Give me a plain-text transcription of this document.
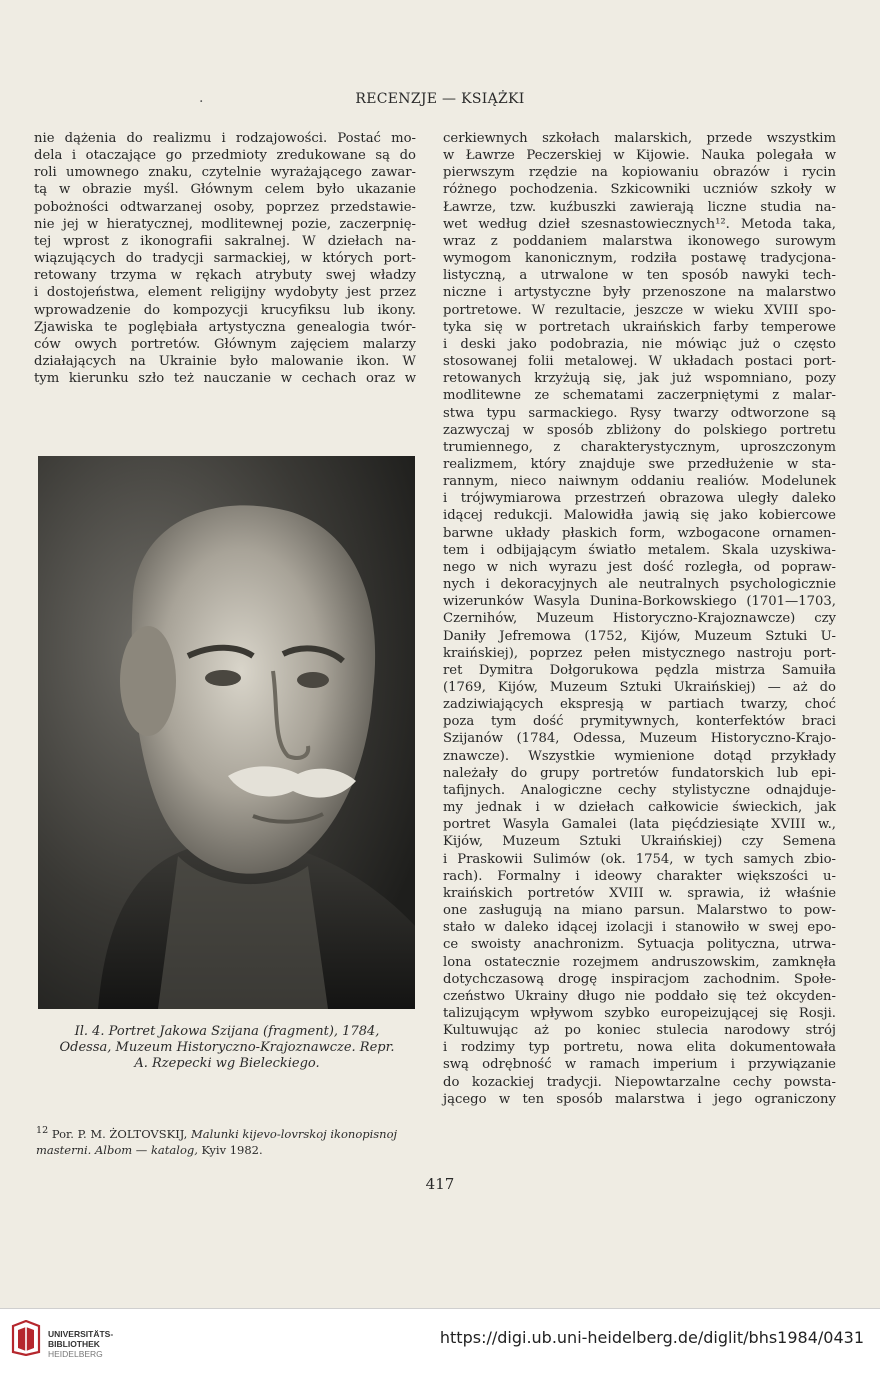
.	RECENZJE — KSIĄŻKI

nie dążenia do realizmu i rodzajowości. Postać mo-

dela i otaczające go przedmioty zredukowane są do

roli umownego znaku, czytelnie wyrażającego zawar-

tą w obrazie myśl. Głównym celem było ukazanie

pobożności odtwarzanej osoby, poprzez przedstawie-

nie jej w hieratycznej, modlitewnej pozie, zaczerpnię-

tej wprost z ikonografii sakralnej. W dziełach na-

wiązujących do tradycji sarmackiej, w których port-

retowany trzyma w rękach atrybuty swej władzy

i dostojeństwa, element religijny wydobyty jest przez

wprowadzenie do kompozycji krucyfiksu lub ikony.

Zjawiska te poglębiała artystyczna genealogia twór-

ców owych portretów. Głównym zajęciem malarzy

działających na Ukrainie było malowanie ikon. W

tym kierunku szło też nauczanie w cechach oraz w

Il. 4. Portret Jakowa Szijana (fragment), 1784,
Odessa, Muzeum Historyczno-Krajoznawcze. Repr.
A. Rzepecki wg Bieleckiego.
$^{12}$ Por. P. M. ŻOLTOVSKIJ, Malunki kijevo-lovrskoj ikonopisnoj masterni. Albom — katalog, Kyiv 1982.
417

cerkiewnych szkołach malarskich, przede wszystkim

w Ławrze Peczerskiej w Kijowie. Nauka polegała w

pierwszym rzędzie na kopiowaniu obrazów i rycin

różnego pochodzenia. Szkicowniki uczniów szkoły w

Ławrze, tzw. kuźbuszki zawierają liczne studia na-

wet według dzieł szesnastowiecznych¹². Metoda taka,

wraz z poddaniem malarstwa ikonowego surowym

wymogom kanonicznym, rodziła postawę tradycjona-

listyczną, a utrwalone w ten sposób nawyki tech-

niczne i artystyczne były przenoszone na malarstwo

portretowe. W rezultacie, jeszcze w wieku XVIII spo-

tyka się w portretach ukraińskich farby temperowe

i deski jako podobrazia, nie mówiąc już o często

stosowanej folii metalowej. W układach postaci port-

retowanych krzyżują się, jak już wspomniano, pozy

modlitewne ze schematami zaczerpniętymi z malar-

stwa typu sarmackiego. Rysy twarzy odtworzone są

zazwyczaj w sposób zbliżony do polskiego portretu

trumiennego, z charakterystycznym, uproszczonym

realizmem, który znajduje swe przedłużenie w sta-

rannym, nieco naiwnym oddaniu realiów. Modelunek

i trójwymiarowa przestrzeń obrazowa uległy daleko

idącej redukcji. Malowidła jawią się jako kobiercowe

barwne układy płaskich form, wzbogacone ornamen-

tem i odbijającym światło metalem. Skala uzyskiwa-

nego w nich wyrazu jest dość rozległa, od popraw-

nych i dekoracyjnych ale neutralnych psychologicznie

wizerunków Wasyla Dunina-Borkowskiego (1701—1703,

Czernihów, Muzeum Historyczno-Krajoznawcze) czy

Daniły Jefremowa (1752, Kijów, Muzeum Sztuki U-

kraińskiej), poprzez pełen mistycznego nastroju port-

ret Dymitra Dołgorukowa pędzla mistrza Samuiła

(1769, Kijów, Muzeum Sztuki Ukraińskiej) — aż do

zadziwiających ekspresją w partiach twarzy, choć

poza tym dość prymitywnych, konterfektów braci

Szijanów (1784, Odessa, Muzeum Historyczno-Krajo-

znawcze). Wszystkie wymienione dotąd przykłady

należały do grupy portretów fundatorskich lub epi-

tafijnych. Analogiczne cechy stylistyczne odnajduje-

my jednak i w dziełach całkowicie świeckich, jak

portret Wasyla Gamalei (lata pięćdziesiąte XVIII w.,

Kijów, Muzeum Sztuki Ukraińskiej) czy Semena

i Praskowii Sulimów (ok. 1754, w tych samych zbio-

rach). Formalny i ideowy charakter większości u-

kraińskich portretów XVIII w. sprawia, iż właśnie

one zasługują na miano parsun. Malarstwo to pow-

stało w daleko idącej izolacji i stanowiło w swej epo-

ce swoisty anachronizm. Sytuacja polityczna, utrwa-

lona ostatecznie rozejmem andruszowskim, zamknęła

dotychczasową drogę inspiracjom zachodnim. Społe-

czeństwo Ukrainy długo nie poddało się też okcyden-

talizującym wpływom szybko europeizującej się Rosji.

Kultuwując aż po koniec stulecia narodowy strój

i rodzimy typ portretu, nowa elita dokumentowała

swą odrębność w ramach imperium i przywiązanie

do kozackiej tradycji. Niepowtarzalne cechy powsta-

jącego w ten sposób malarstwa i jego ograniczony

UNIVERSITÄTS-
BIBLIOTHEK
HEIDELBERG
https://digi.ub.uni-heidelberg.de/diglit/bhs1984/0431
